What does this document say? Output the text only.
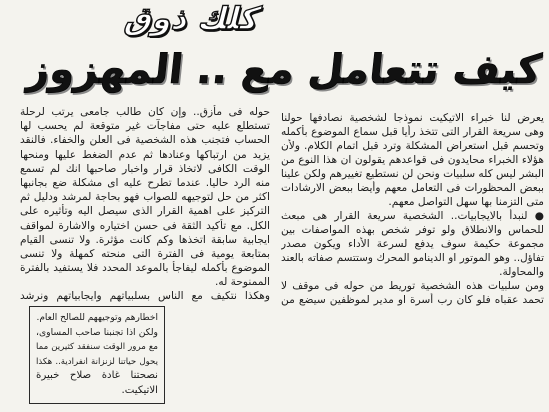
كلك ذوق
كيف تتعامل مع .. المهزوز
يعرض لنا خبراء الاتيكيت نموذجا لشخصية نصادفها حولنا
وهى سريعة القرار التى تتخذ رأيا قبل سماع الموضوع بأكمله
وتحسم قبل استعراض المشكلة وترد قبل اتمام الكلام. ولأن
هؤلاء الخبراء محايدون فى قواعدهم يقولون ان هذا النوع من
البشر ليس كله سلبيات ونحن لن نستطيع تغييرهم ولكن علينا
ببعض المحظورات فى التعامل معهم وأيضا ببعض الارشادات
متى التزمنا بها سهل التواصل معهم.
● لنبدأ بالايجابيات.. الشخصية سريعة القرار هى مبعث
للحماس والانطلاق ولو توفر شخص بهذه المواصفات بين
مجموعة حكيمة سوف يدفع لسرعة الأداء ويكون مصدر
تفاؤل.. وهو الموتور او الدينامو المحرك وستتسم صفاته بالعند
والمحاولة.
ومن سلبيات هذه الشخصية توريط من حوله فى موقف لا
تحمد عقباه فلو كان رب أسرة او مدير لموظفين سيضع من
حوله فى مأزق.. وإن كان طالب جامعى يرتب لرحلة
تستطلع عليه حتى مفاجآت غير متوقعة لم يحسب لها
الحساب فتجنب هذه الشخصية فى العلن والخفاء. فالنقد
يزيد من ارتباكها وعنادها ثم عدم الضغط عليها ومنحها
الوقت الكافى لاتخاذ قرار واخبار صاحبها انك لم تسمع
منه الرد حاليا. عندما تطرح عليه اى مشكلة ضع بجانبها
اكثر من حل لتوجيهه للصواب فهو بحاجة لمرشد ودليل ثم
التركيز على اهمية القرار الذى سيصل اليه وتأثيره على
الكل. مع تأكيد الثقة فى حسن اختياره والاشارة لمواقف
ايجابية سابقة اتخذها وكم كانت مؤثرة. ولا تنسى القيام
بمتابعة يومية فى الفترة التى منحته كمهلة ولا تنسى
الموضوع بأكمله ليفاجأ بالموعد المحدد فلا يستفيد بالفترة
الممنوحة له.
وهكذا نتكيف مع الناس بسلبياتهم وايجابياتهم ونرشد
اخطارهم وتوجيههم للصالح العام.
ولكن اذا تجنبنا صاحب المساوى،
مع مرور الوقت سنفقد كثيرين مما
يحول حياتنا لزنزانة انفرادية.. هكذا
نصحتنا غادة صلاح خبيرة
الاتيكيت.
